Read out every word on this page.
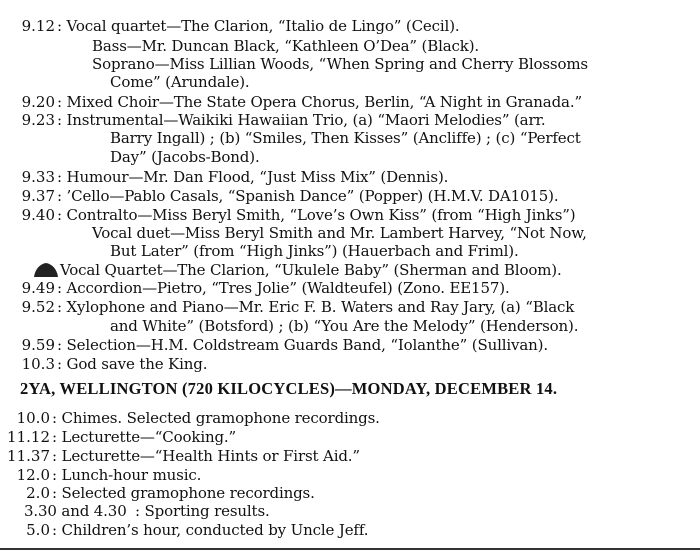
9.12 : Vocal quartet—The Clarion, “Italio de Lingo” (Cecil).
Bass—Mr. Duncan Black, “Kathleen O’Dea” (Black).
Soprano—Miss Lillian Woods, “When Spring and Cherry Blossoms
Come” (Arundale).
9.20 : Mixed Choir—The State Opera Chorus, Berlin, “A Night in Granada.”
9.23 : Instrumental—Waikiki Hawaiian Trio, (a) “Maori Melodies” (arr.
Barry Ingall) ; (b) “Smiles, Then Kisses” (Ancliffe) ; (c) “Perfect
Day” (Jacobs-Bond).
9.33 : Humour—Mr. Dan Flood, “Just Miss Mix” (Dennis).
9.37 : ’Cello—Pablo Casals, “Spanish Dance” (Popper) (H.M.V. DA1015).
9.40 : Contralto—Miss Beryl Smith, “Love’s Own Kiss” (from “High Jinks”)
Vocal duet—Miss Beryl Smith and Mr. Lambert Harvey, “Not Now,
But Later” (from “High Jinks”) (Hauerbach and Friml).
Vocal Quartet—The Clarion, “Ukulele Baby” (Sherman and Bloom).
9.49 : Accordion—Pietro, “Tres Jolie” (Waldteufel) (Zono. EE157).
9.52 : Xylophone and Piano—Mr. Eric F. B. Waters and Ray Jary, (a) “Black
and White” (Botsford) ; (b) “You Are the Melody” (Henderson).
9.59 : Selection—H.M. Coldstream Guards Band, “Iolanthe” (Sullivan).
10.3 : God save the King.
2YA, WELLINGTON (720 KILOCYCLES)—MONDAY, DECEMBER 14.
10.0 : Chimes. Selected gramophone recordings.
11.12 : Lecturette—“Cooking.”
11.37 : Lecturette—“Health Hints or First Aid.”
12.0 : Lunch-hour music.
2.0 : Selected gramophone recordings.
3.30 and 4.30 : Sporting results.
5.0 : Children’s hour, conducted by Uncle Jeff.
